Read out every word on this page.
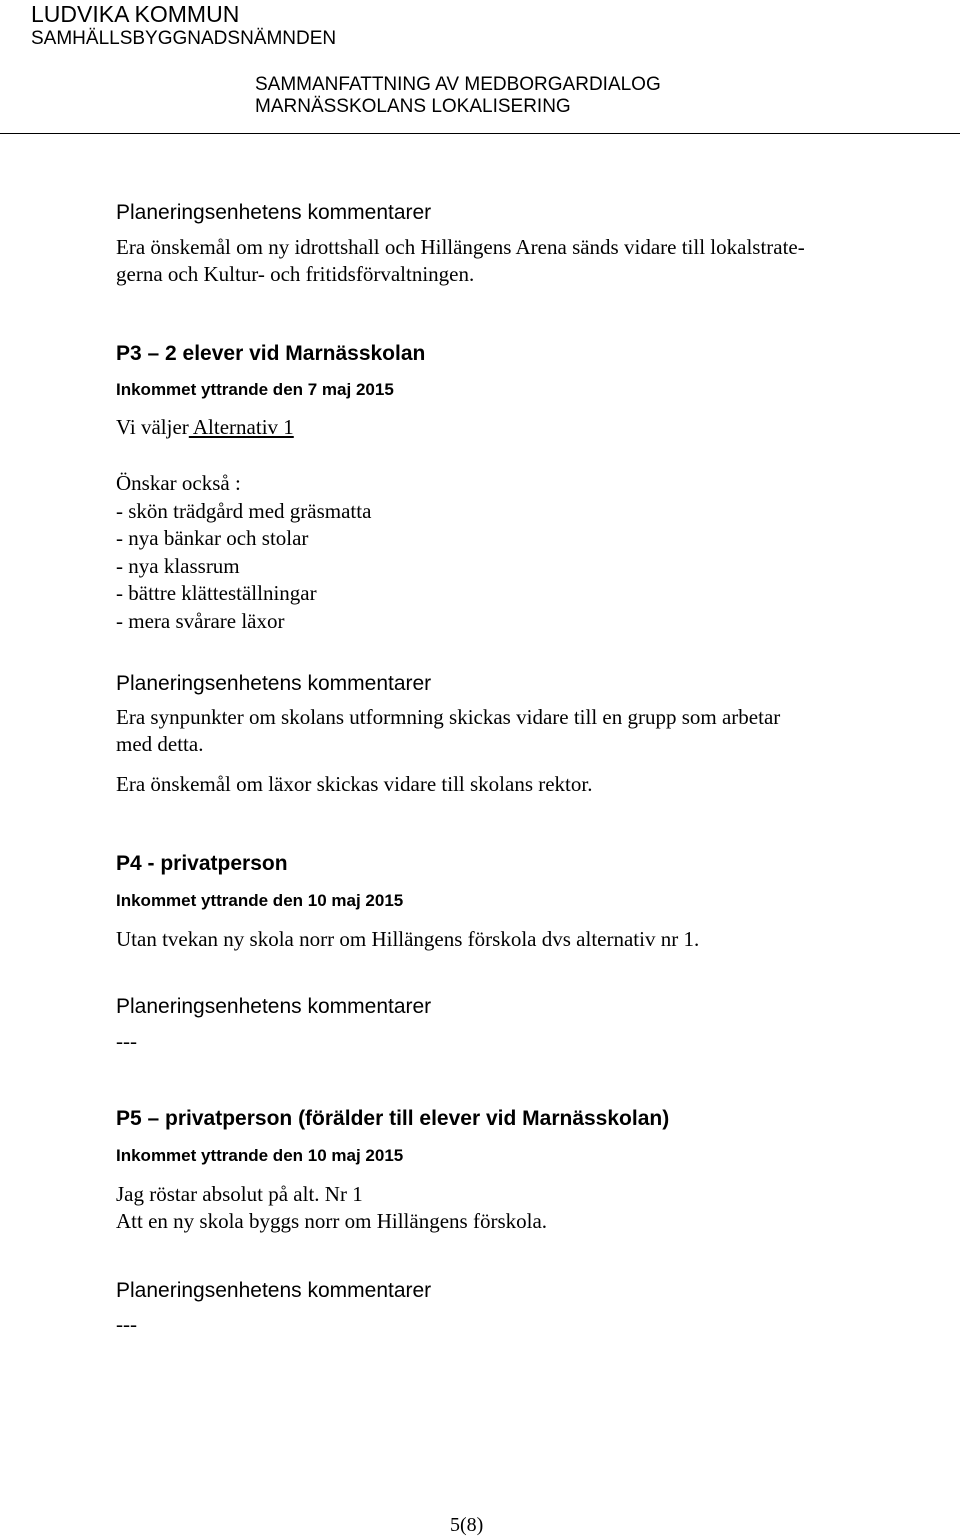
LUDVIKA KOMMUN
SAMHÄLLSBYGGNADSNÄMNDEN
SAMMANFATTNING AV MEDBORGARDIALOG
MARNÄSSKOLANS LOKALISERING
Planeringsenhetens kommentarer
Era önskemål om ny idrottshall och Hillängens Arena sänds vidare till lokalstrate-
gerna och Kultur- och fritidsförvaltningen.
P3 – 2 elever vid Marnässkolan
Inkommet yttrande den 7 maj 2015
Vi väljer Alternativ 1
Önskar också :
- skön trädgård med gräsmatta
- nya bänkar och stolar
- nya klassrum
- bättre klätteställningar
- mera svårare läxor
Planeringsenhetens kommentarer
Era synpunkter om skolans utformning skickas vidare till en grupp som arbetar
med detta.
Era önskemål om läxor skickas vidare till skolans rektor.
P4 - privatperson
Inkommet yttrande den 10 maj 2015
Utan tvekan ny skola norr om Hillängens förskola dvs alternativ nr 1.
Planeringsenhetens kommentarer
---
P5 – privatperson (förälder till elever vid Marnässkolan)
Inkommet yttrande den 10 maj 2015
Jag röstar absolut på alt. Nr 1
Att en ny skola byggs norr om Hillängens förskola.
Planeringsenhetens kommentarer
---
5(8)
